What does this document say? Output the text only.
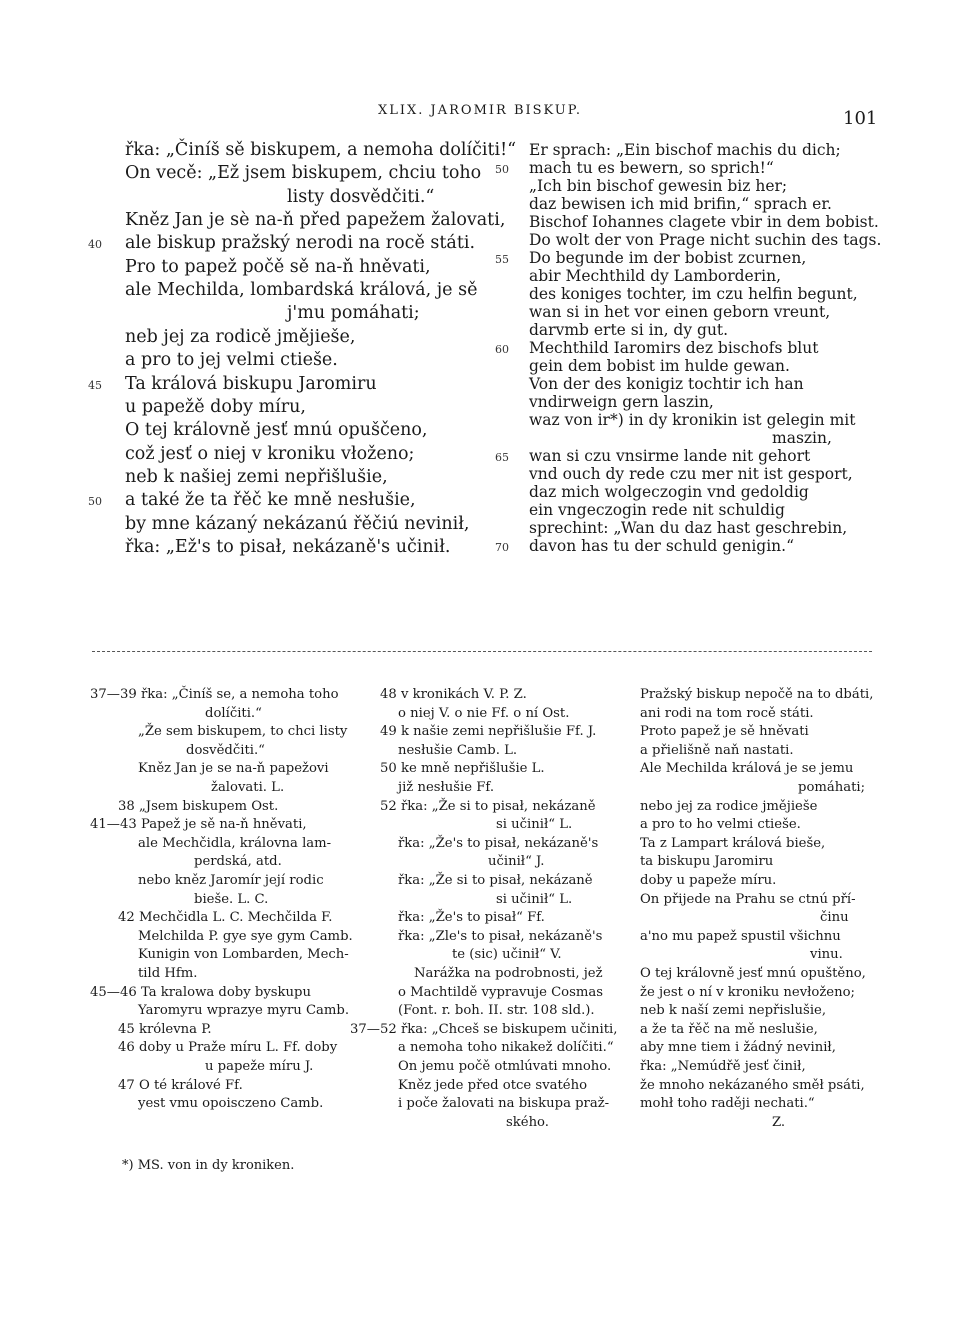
XLIX. JAROMIR BISKUP.	101
řka: „Činíš sě biskupem, a nemoha dolíčiti!“
On vecě: „Ež jsem biskupem, chciu toho
listy dosvědčiti.“
Kněz Jan je sè na-ň před papežem žalovati,
ale biskup pražský nerodi na rocě státi.
40
Pro to papež počě sě na-ň hněvati,
ale Mechilda, lombardská králová, je sě
j'mu pomáhati;
neb jej za rodicě jmějieše,
a pro to jej velmi ctieše.
Ta králová biskupu Jaromiru
45
u papežě doby míru,
O tej královně jesť mnú opuščeno,
což jesť o niej v kroniku vłoženo;
neb k našiej zemi nepřišlušie,
a také že ta řěč ke mně nesłušie,
50
by mne kázaný nekázanú řěčiú nevinił,
řka: „Ež's to pisał, nekázaně's učinił.
Er sprach: „Ein bischof machis du dich;
mach tu es bewern, so sprich!“
50
„Ich bin bischof gewesin biz her;
daz bewisen ich mid brifin,“ sprach er.
Bischof Iohannes clagete vbir in dem bobist.
Do wolt der von Prage nicht suchin des tags.
Do begunde im der bobist zcurnen,
55
abir Mechthild dy Lamborderin,
des koniges tochter, im czu helfin begunt,
wan si in het vor einen geborn vreunt,
darvmb erte si in, dy gut.
Mechthild Iaromirs dez bischofs blut
60
gein dem bobist im hulde gewan.
Von der des konigiz tochtir ich han
vndirweign gern laszin,
waz von ir*) in dy kronikin ist gelegin mit
maszin,
wan si czu vnsirme lande nit gehort
65
vnd ouch dy rede czu mer nit ist gesport,
daz mich wolgeczogin vnd gedoldig
ein vngeczogin rede nit schuldig
sprechint: „Wan du daz hast geschrebin,
davon has tu der schuld genigin.“
70
37—39 řka: „Činíš se, a nemoha toho
dolíčiti.“
„Že sem biskupem, to chci listy
dosvědčiti.“
Kněz Jan je se na-ň papežovi
žalovati. L.
38 „Jsem biskupem Ost.
41—43 Papež je sě na-ň hněvati,
ale Mechčidla, královna lam-
perdská, atd.
nebo kněz Jaromír její rodic
bieše. L. C.
42 Mechčidla L. C. Mechčilda F.
Melchilda P. gye sye gym Camb.
Kunigin von Lombarden, Mech-
tild Hfm.
45—46 Ta kralowa doby byskupu
Yaromyru wprazye myru Camb.
45 królevna P.
46 doby u Praže míru L. Ff. doby
u papeže míru J.
47 O té králové Ff.
yest vmu opoisczeno Camb.
48 v kronikách V. P. Z.
o niej V. o nie Ff. o ní Ost.
49 k našie zemi nepřišlušie Ff. J.
nesłušie Camb. L.
50 ke mně nepřišlušie L.
již nesłušie Ff.
52 řka: „Že si to pisał, nekázaně
si učinił“ L.
řka: „Že's to pisał, nekázaně's
učinił“ J.
řka: „Že si to pisał, nekázaně
si učinił“ L.
řka: „Že's to pisał“ Ff.
řka: „Zle's to pisał, nekázaně's
te (sic) učinił“ V.
Narážka na podrobnosti, jež
o Machtildě vypravuje Cosmas
(Font. r. boh. II. str. 108 sld.).
37—52 řka: „Chceš se biskupem učiniti,
a nemoha toho nikakež dolíčiti.“
On jemu počě otmlúvati mnoho.
Kněz jede před otce svatého
i poče žalovati na biskupa praž-
ského.
Pražský biskup nepočě na to dbáti,
ani rodi na tom rocě státi.
Proto papež je sě hněvati
a přielišně naň nastati.
Ale Mechilda králová je se jemu
pomáhati;
nebo jej za rodice jmějieše
a pro to ho velmi ctieše.
Ta z Lampart králová bieše,
ta biskupu Jaromiru
doby u papeže míru.
On přijede na Prahu se ctnú pří-
činu
a'no mu papež spustil všichnu
vinu.
O tej královně jesť mnú opuštěno,
že jest o ní v kroniku nevłoženo;
neb k naší zemi nepřislušie,
a že ta řěč na mě neslušie,
aby mne tiem i žádný nevinił,
řka: „Nemúdřě jesť činił,
že mnoho nekázaného směł psáti,
mohł toho raději nechati.“
Z.
*) MS. von in dy kroniken.
